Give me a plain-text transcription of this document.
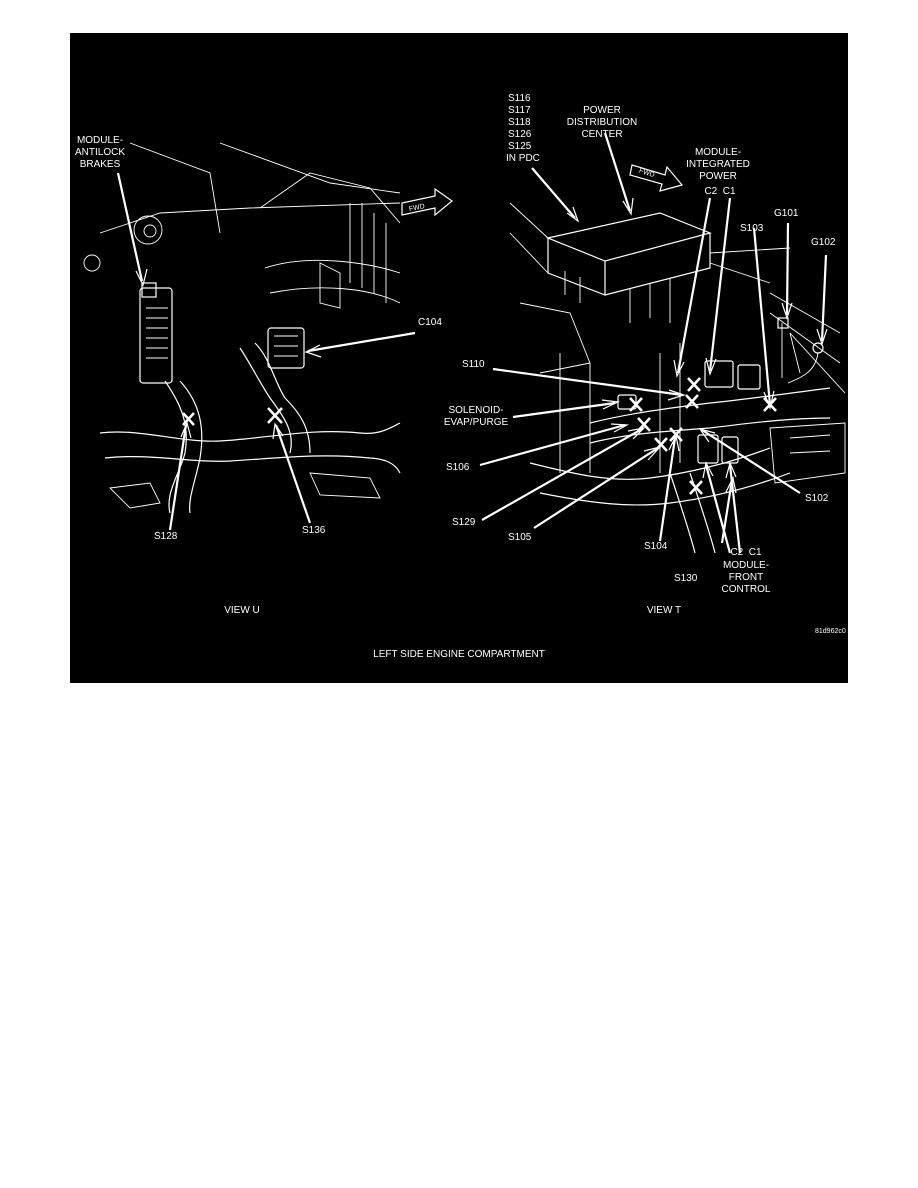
FWD
FWD
MODULE-
ANTILOCK
BRAKES
C104
S128
S136
VIEW U
S116
S117
S118
S126
S125
IN PDC
POWER
DISTRIBUTION
CENTER
MODULE-
INTEGRATED
POWER
C2  C1
G101
S103
G102
S110
SOLENOID-
EVAP/PURGE
S106
S129
S105
S104
S102
C2  C1
MODULE-
FRONT
CONTROL
S130
VIEW T
81d962c0
LEFT SIDE ENGINE COMPARTMENT
